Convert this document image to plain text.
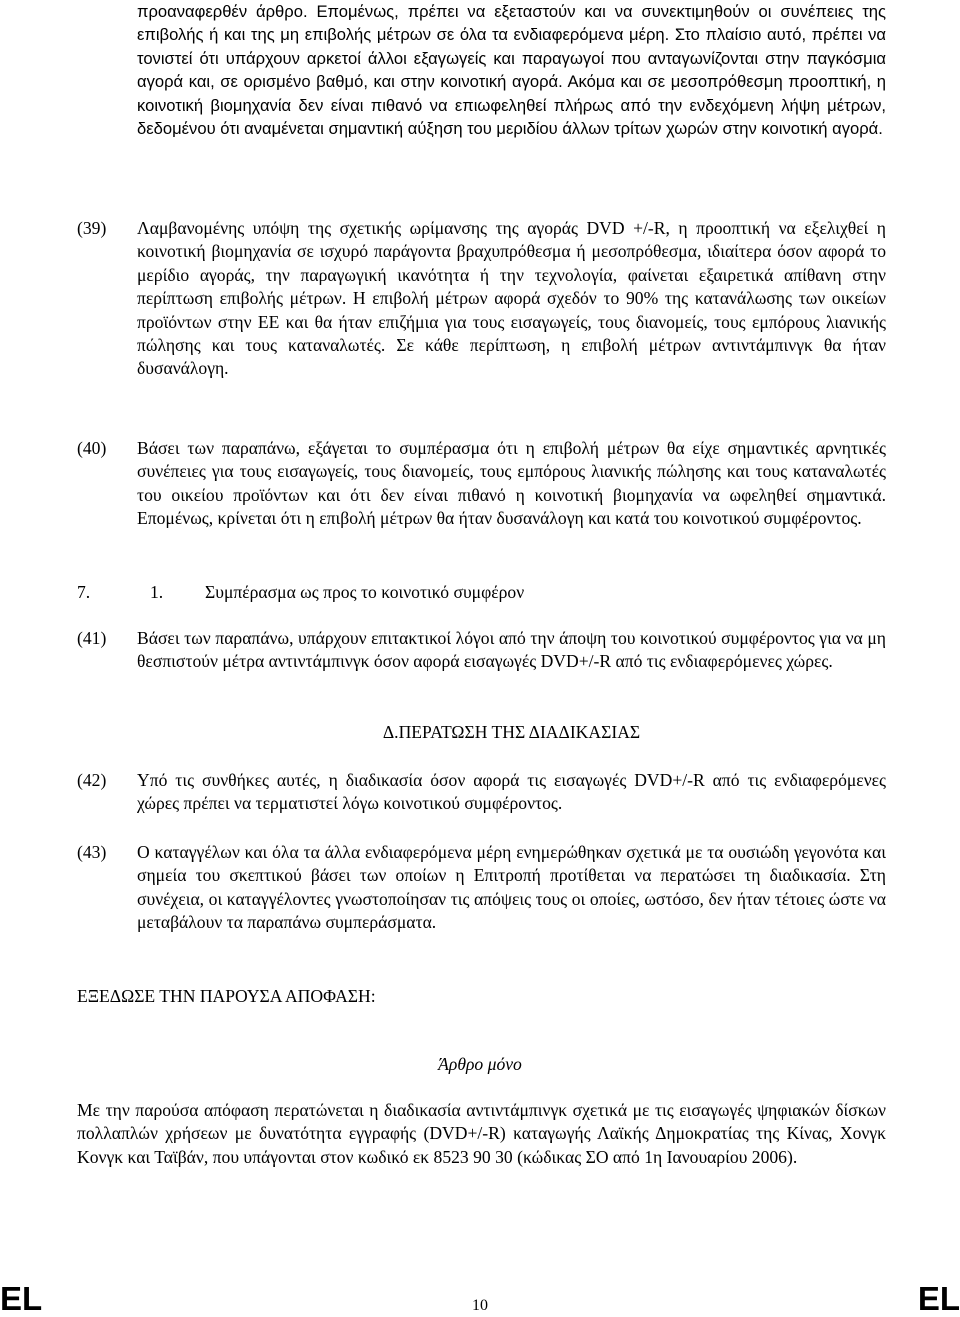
προαναφερθέν άρθρο. Επομένως, πρέπει να εξεταστούν και να συνεκτιμηθούν οι συνέπειες της επιβολής ή και της μη επιβολής μέτρων σε όλα τα ενδιαφερόμενα μέρη. Στο πλαίσιο αυτό, πρέπει να τονιστεί ότι υπάρχουν αρκετοί άλλοι εξαγωγείς και παραγωγοί που ανταγωνίζονται στην παγκόσμια αγορά και, σε ορισμένο βαθμό, και στην κοινοτική αγορά. Ακόμα και σε μεσοπρόθεσμη προοπτική, η κοινοτική βιομηχανία δεν είναι πιθανό να επιωφεληθεί πλήρως από την ενδεχόμενη λήψη μέτρων, δεδομένου ότι αναμένεται σημαντική αύξηση του μεριδίου άλλων τρίτων χωρών στην κοινοτική αγορά.

(39) Λαμβανομένης υπόψη της σχετικής ωρίμανσης της αγοράς DVD +/-R, η προοπτική να εξελιχθεί η κοινοτική βιομηχανία σε ισχυρό παράγοντα βραχυπρόθεσμα ή μεσοπρόθεσμα, ιδιαίτερα όσον αφορά το μερίδιο αγοράς, την παραγωγική ικανότητα ή την τεχνολογία, φαίνεται εξαιρετικά απίθανη στην περίπτωση επιβολής μέτρων. Η επιβολή μέτρων αφορά σχεδόν το 90% της κατανάλωσης των οικείων προϊόντων στην ΕΕ και θα ήταν επιζήμια για τους εισαγωγείς, τους διανομείς, τους εμπόρους λιανικής πώλησης και τους καταναλωτές. Σε κάθε περίπτωση, η επιβολή μέτρων αντιντάμπινγκ θα ήταν δυσανάλογη.

(40) Βάσει των παραπάνω, εξάγεται το συμπέρασμα ότι η επιβολή μέτρων θα είχε σημαντικές αρνητικές συνέπειες για τους εισαγωγείς, τους διανομείς, τους εμπόρους λιανικής πώλησης και τους καταναλωτές του οικείου προϊόντων και ότι δεν είναι πιθανό η κοινοτική βιομηχανία να ωφεληθεί σημαντικά. Επομένως, κρίνεται ότι η επιβολή μέτρων θα ήταν δυσανάλογη και κατά του κοινοτικού συμφέροντος.

7.	1. Συμπέρασμα ως προς το κοινοτικό συμφέρον
(41) Βάσει των παραπάνω, υπάρχουν επιτακτικοί λόγοι από την άποψη του κοινοτικού συμφέροντος για να μη θεσπιστούν μέτρα αντιντάμπινγκ όσον αφορά εισαγωγές DVD+/-R από τις ενδιαφερόμενες χώρες.

Δ.ΠΕΡΑΤΩΣΗ ΤΗΣ ΔΙΑΔΙΚΑΣΙΑΣ
(42) Υπό τις συνθήκες αυτές, η διαδικασία όσον αφορά τις εισαγωγές DVD+/-R από τις ενδιαφερόμενες χώρες πρέπει να τερματιστεί λόγω κοινοτικού συμφέροντος.

(43) Ο καταγγέλων και όλα τα άλλα ενδιαφερόμενα μέρη ενημερώθηκαν σχετικά με τα ουσιώδη γεγονότα και σημεία του σκεπτικού βάσει των οποίων η Επιτροπή προτίθεται να περατώσει τη διαδικασία. Στη συνέχεια, οι καταγγέλοντες γνωστοποίησαν τις απόψεις τους οι οποίες, ωστόσο, δεν ήταν τέτοιες ώστε να μεταβάλουν τα παραπάνω συμπεράσματα.

ΕΞΕΔΩΣΕ ΤΗΝ ΠΑΡΟΥΣΑ ΑΠΟΦΑΣΗ:
Άρθρο μόνο

Με την παρούσα απόφαση περατώνεται η διαδικασία αντιντάμπινγκ σχετικά με τις εισαγωγές ψηφιακών δίσκων πολλαπλών χρήσεων με δυνατότητα εγγραφής (DVD+/-R) καταγωγής Λαϊκής Δημοκρατίας της Κίνας, Χονγκ Κονγκ και Ταϊβάν, που υπάγονται στον κωδικό εκ 8523 90 30 (κώδικας ΣΟ από 1η Ιανουαρίου 2006).

EL	10	EL
